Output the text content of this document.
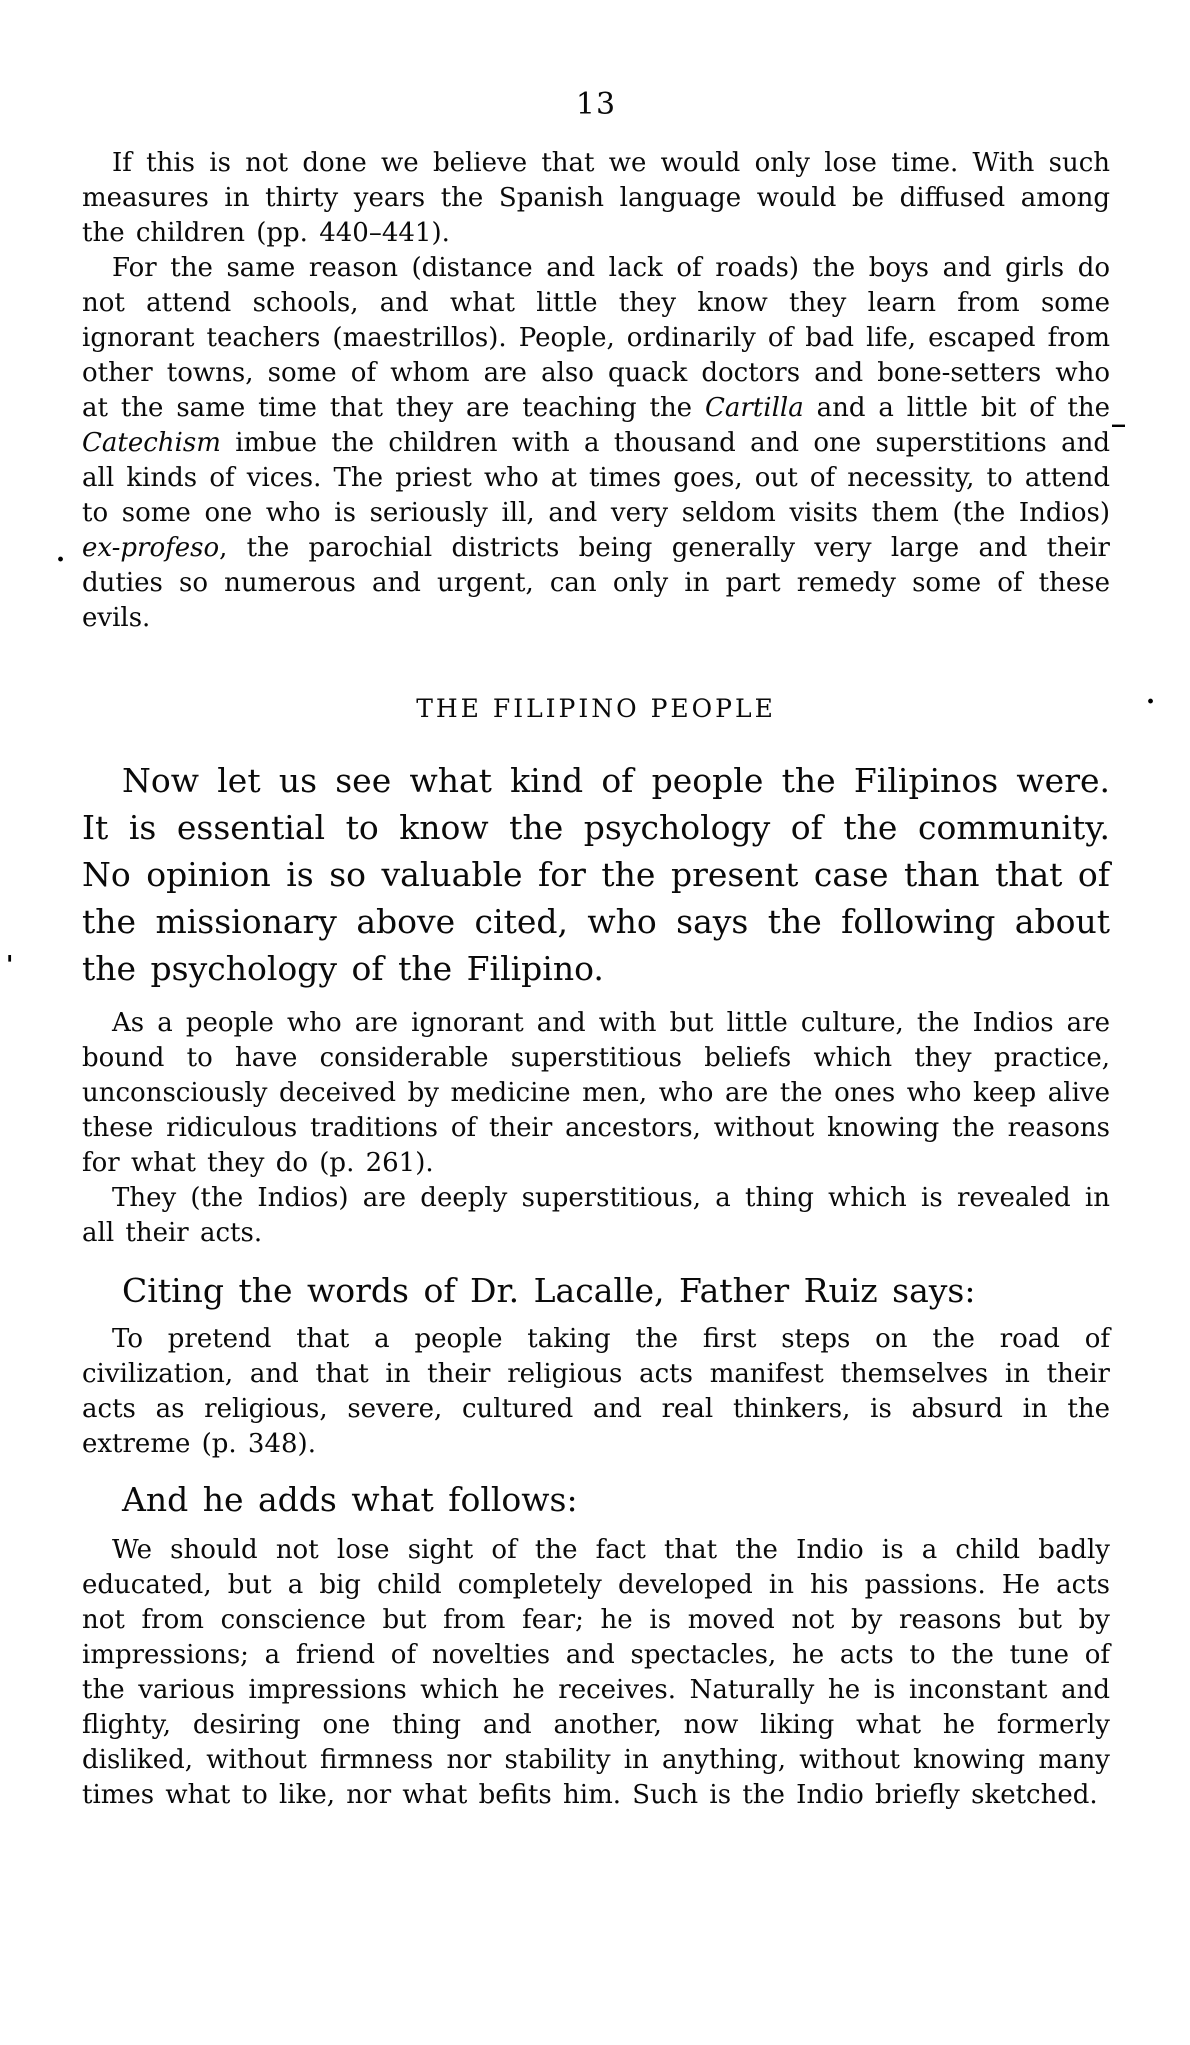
13

If this is not done we believe that we would only lose time. With such measures in thirty years the Spanish language would be diffused among the children (pp. 440–441).

For the same reason (distance and lack of roads) the boys and girls do not attend schools, and what little they know they learn from some ignorant teachers (maestrillos). People, ordinarily of bad life, escaped from other towns, some of whom are also quack doctors and bone-setters who at the same time that they are teaching the Cartilla and a little bit of the Catechism imbue the children with a thousand and one superstitions and all kinds of vices. The priest who at times goes, out of necessity, to attend to some one who is seriously ill, and very seldom visits them (the Indios) ex-profeso, the parochial districts being generally very large and their duties so numerous and urgent, can only in part remedy some of these evils.

THE FILIPINO PEOPLE

Now let us see what kind of people the Filipinos were. It is essential to know the psychology of the community. No opinion is so valuable for the present case than that of the missionary above cited, who says the following about the psychology of the Filipino.

As a people who are ignorant and with but little culture, the Indios are bound to have considerable superstitious beliefs which they practice, unconsciously deceived by medicine men, who are the ones who keep alive these ridiculous traditions of their ancestors, without knowing the reasons for what they do (p. 261).

They (the Indios) are deeply superstitious, a thing which is revealed in all their acts.

Citing the words of Dr. Lacalle, Father Ruiz says:

To pretend that a people taking the first steps on the road of civilization, and that in their religious acts manifest themselves in their acts as religious, severe, cultured and real thinkers, is absurd in the extreme (p. 348).

And he adds what follows:

We should not lose sight of the fact that the Indio is a child badly educated, but a big child completely developed in his passions. He acts not from conscience but from fear; he is moved not by reasons but by impressions; a friend of novelties and spectacles, he acts to the tune of the various impressions which he receives. Naturally he is inconstant and flighty, desiring one thing and another, now liking what he formerly disliked, without firmness nor stability in anything, without knowing many times what to like, nor what befits him. Such is the Indio briefly sketched.

_
.
'
.
